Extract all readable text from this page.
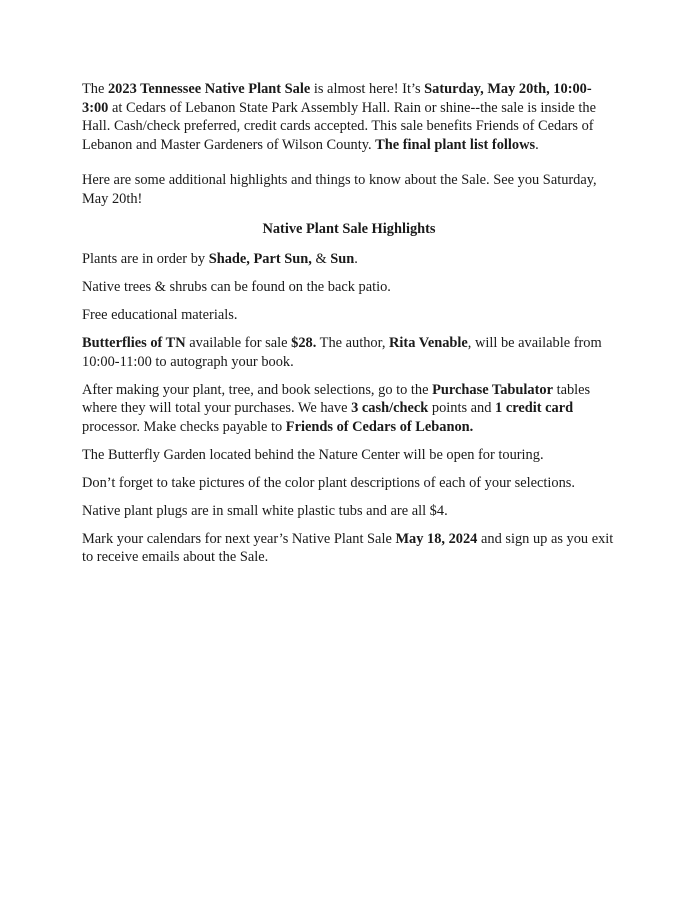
The 2023 Tennessee Native Plant Sale is almost here! It’s Saturday, May 20th, 10:00-3:00 at Cedars of Lebanon State Park Assembly Hall. Rain or shine--the sale is inside the Hall. Cash/check preferred, credit cards accepted. This sale benefits Friends of Cedars of Lebanon and Master Gardeners of Wilson County. The final plant list follows.

Here are some additional highlights and things to know about the Sale. See you Saturday, May 20th!

Native Plant Sale Highlights

Plants are in order by Shade, Part Sun, & Sun.

Native trees & shrubs can be found on the back patio.

Free educational materials.

Butterflies of TN available for sale $28. The author, Rita Venable, will be available from 10:00-11:00 to autograph your book.

After making your plant, tree, and book selections, go to the Purchase Tabulator tables where they will total your purchases. We have 3 cash/check points and 1 credit card processor. Make checks payable to Friends of Cedars of Lebanon.

The Butterfly Garden located behind the Nature Center will be open for touring.

Don’t forget to take pictures of the color plant descriptions of each of your selections.

Native plant plugs are in small white plastic tubs and are all $4.

Mark your calendars for next year’s Native Plant Sale May 18, 2024 and sign up as you exit to receive emails about the Sale.
